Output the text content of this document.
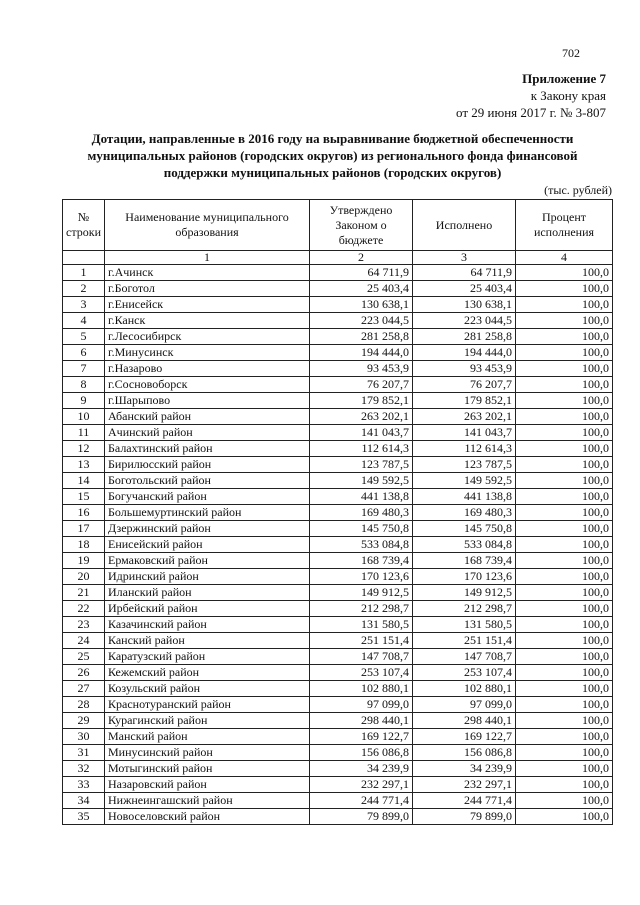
702
Приложение 7
к Закону края
от 29 июня 2017 г. № 3-807
Дотации, направленные в 2016 году на выравнивание бюджетной обеспеченности
муниципальных районов (городских округов) из регионального фонда финансовой
поддержки муниципальных районов (городских округов)
(тыс. рублей)
№ строки	Наименование муниципального образования	Утверждено Законом о бюджете	Исполнено	Процент исполнения
	1	2	3	4
1	г.Ачинск	64 711,9	64 711,9	100,0
2	г.Боготол	25 403,4	25 403,4	100,0
3	г.Енисейск	130 638,1	130 638,1	100,0
4	г.Канск	223 044,5	223 044,5	100,0
5	г.Лесосибирск	281 258,8	281 258,8	100,0
6	г.Минусинск	194 444,0	194 444,0	100,0
7	г.Назарово	93 453,9	93 453,9	100,0
8	г.Сосновоборск	76 207,7	76 207,7	100,0
9	г.Шарыпово	179 852,1	179 852,1	100,0
10	Абанский район	263 202,1	263 202,1	100,0
11	Ачинский район	141 043,7	141 043,7	100,0
12	Балахтинский район	112 614,3	112 614,3	100,0
13	Бирилюсский район	123 787,5	123 787,5	100,0
14	Боготольский район	149 592,5	149 592,5	100,0
15	Богучанский район	441 138,8	441 138,8	100,0
16	Большемуртинский район	169 480,3	169 480,3	100,0
17	Дзержинский район	145 750,8	145 750,8	100,0
18	Енисейский район	533 084,8	533 084,8	100,0
19	Ермаковский район	168 739,4	168 739,4	100,0
20	Идринский район	170 123,6	170 123,6	100,0
21	Иланский район	149 912,5	149 912,5	100,0
22	Ирбейский район	212 298,7	212 298,7	100,0
23	Казачинский район	131 580,5	131 580,5	100,0
24	Канский район	251 151,4	251 151,4	100,0
25	Каратузский район	147 708,7	147 708,7	100,0
26	Кежемский район	253 107,4	253 107,4	100,0
27	Козульский район	102 880,1	102 880,1	100,0
28	Краснотуранский район	97 099,0	97 099,0	100,0
29	Курагинский район	298 440,1	298 440,1	100,0
30	Манский район	169 122,7	169 122,7	100,0
31	Минусинский район	156 086,8	156 086,8	100,0
32	Мотыгинский район	34 239,9	34 239,9	100,0
33	Назаровский район	232 297,1	232 297,1	100,0
34	Нижнеингашский район	244 771,4	244 771,4	100,0
35	Новоселовский район	79 899,0	79 899,0	100,0
